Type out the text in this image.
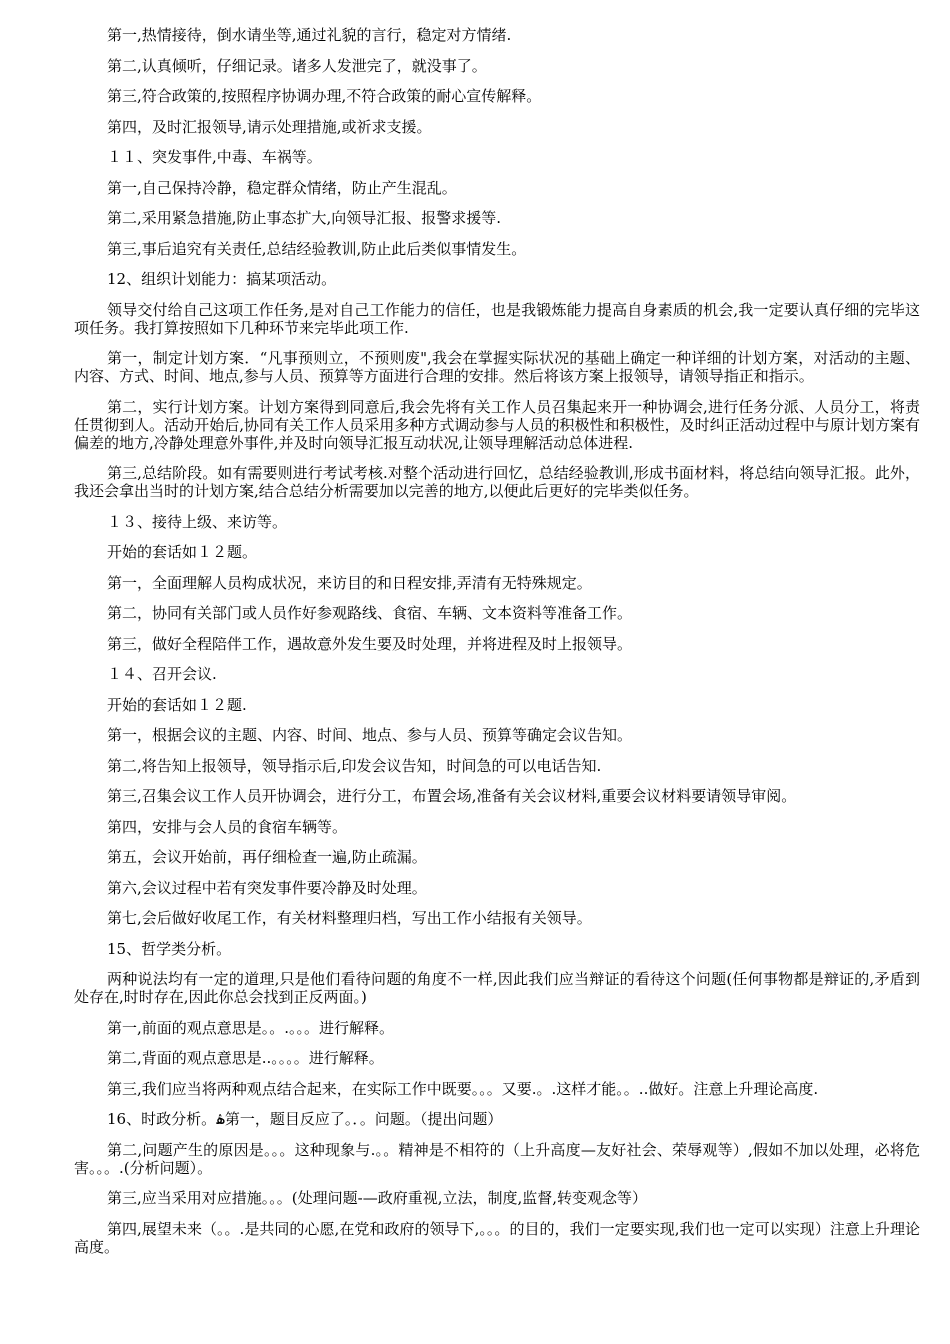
第一,热情接待，倒水请坐等,通过礼貌的言行，稳定对方情绪.

第二,认真倾听，仔细记录。诸多人发泄完了，就没事了。

第三,符合政策的,按照程序协调办理,不符合政策的耐心宣传解释。

第四，及时汇报领导,请示处理措施,或祈求支援。

１１、突发事件,中毒、车祸等。

第一,自己保持冷静，稳定群众情绪，防止产生混乱。

第二,采用紧急措施,防止事态扩大,向领导汇报、报警求援等.

第三,事后追究有关责任,总结经验教训,防止此后类似事情发生。

12、组织计划能力：搞某项活动。

领导交付给自己这项工作任务,是对自己工作能力的信任，也是我锻炼能力提高自身素质的机会,我一定要认真仔细的完毕这项任务。我打算按照如下几种环节来完毕此项工作.

第一，制定计划方案．“凡事预则立，不预则废",我会在掌握实际状况的基础上确定一种详细的计划方案，对活动的主题、内容、方式、时间、地点,参与人员、预算等方面进行合理的安排。然后将该方案上报领导，请领导指正和指示。

第二，实行计划方案。计划方案得到同意后,我会先将有关工作人员召集起来开一种协调会,进行任务分派、人员分工，将责任贯彻到人。活动开始后,协同有关工作人员采用多种方式调动参与人员的积极性和积极性，及时纠正活动过程中与原计划方案有偏差的地方,冷静处理意外事件,并及时向领导汇报互动状况,让领导理解活动总体进程.

第三,总结阶段。如有需要则进行考试考核.对整个活动进行回忆，总结经验教训,形成书面材料，将总结向领导汇报。此外，我还会拿出当时的计划方案,结合总结分析需要加以完善的地方,以便此后更好的完毕类似任务。

１３、接待上级、来访等。

开始的套话如１２题。

第一，全面理解人员构成状况，来访目的和日程安排,弄清有无特殊规定。

第二，协同有关部门或人员作好参观路线、食宿、车辆、文本资料等准备工作。

第三，做好全程陪伴工作，遇故意外发生要及时处理，并将进程及时上报领导。

１４、召开会议.

开始的套话如１２题.

第一，根据会议的主题、内容、时间、地点、参与人员、预算等确定会议告知。

第二,将告知上报领导，领导指示后,印发会议告知，时间急的可以电话告知.

第三,召集会议工作人员开协调会，进行分工，布置会场,准备有关会议材料,重要会议材料要请领导审阅。

第四，安排与会人员的食宿车辆等。

第五，会议开始前，再仔细检查一遍,防止疏漏。

第六,会议过程中若有突发事件要冷静及时处理。

第七,会后做好收尾工作，有关材料整理归档，写出工作小结报有关领导。

15、哲学类分析。

两种说法均有一定的道理,只是他们看待问题的角度不一样,因此我们应当辩证的看待这个问题(任何事物都是辩证的,矛盾到处存在,时时存在,因此你总会找到正反两面。)

第一,前面的观点意思是。。.。。。进行解释。

第二,背面的观点意思是..。。。。进行解释。

第三,我们应当将两种观点结合起来，在实际工作中既要。。。又要.。.这样才能。。..做好。注意上升理论高度.

16、时政分析。ۿ第一，题目反应了。．。问题。（提出问题）

第二,问题产生的原因是。。。这种现象与.。。精神是不相符的（上升高度—友好社会、荣辱观等）,假如不加以处理，必将危害。。。.(分析问题）。

第三,应当采用对应措施。。。(处理问题-—政府重视,立法，制度,监督,转变观念等）

第四,展望未来（。。.是共同的心愿,在党和政府的领导下,。。。的目的，我们一定要实现,我们也一定可以实现）注意上升理论高度。
